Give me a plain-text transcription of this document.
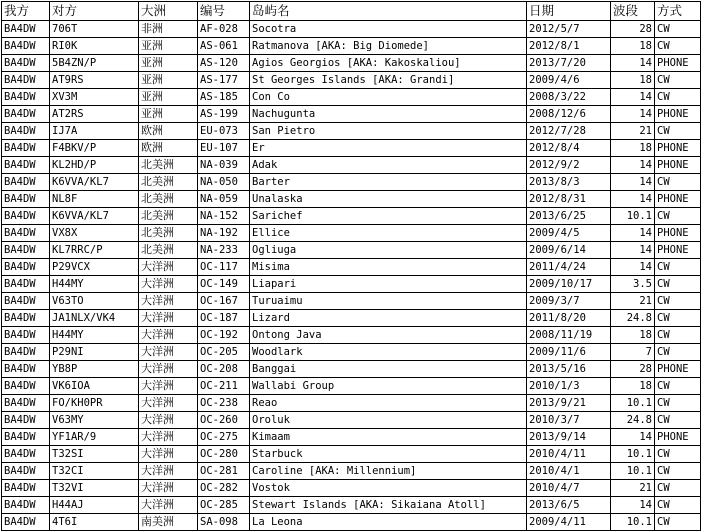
我方	对方	大洲	编号	岛屿名	日期	波段	方式
BA4DW	706T	非洲	AF-028	Socotra	2012/5/7	28	CW
BA4DW	RI0K	亚洲	AS-061	Ratmanova [AKA: Big Diomede]	2012/8/1	18	CW
BA4DW	5B4ZN/P	亚洲	AS-120	Agios Georgios [AKA: Kakoskaliou]	2013/7/20	14	PHONE
BA4DW	AT9RS	亚洲	AS-177	St Georges Islands [AKA: Grandi]	2009/4/6	18	CW
BA4DW	XV3M	亚洲	AS-185	Con Co	2008/3/22	14	CW
BA4DW	AT2RS	亚洲	AS-199	Nachugunta	2008/12/6	14	PHONE
BA4DW	IJ7A	欧洲	EU-073	San Pietro	2012/7/28	21	CW
BA4DW	F4BKV/P	欧洲	EU-107	Er	2012/8/4	18	PHONE
BA4DW	KL2HD/P	北美洲	NA-039	Adak	2012/9/2	14	PHONE
BA4DW	K6VVA/KL7	北美洲	NA-050	Barter	2013/8/3	14	CW
BA4DW	NL8F	北美洲	NA-059	Unalaska	2012/8/31	14	PHONE
BA4DW	K6VVA/KL7	北美洲	NA-152	Sarichef	2013/6/25	10.1	CW
BA4DW	VX8X	北美洲	NA-192	Ellice	2009/4/5	14	PHONE
BA4DW	KL7RRC/P	北美洲	NA-233	Ogliuga	2009/6/14	14	PHONE
BA4DW	P29VCX	大洋洲	OC-117	Misima	2011/4/24	14	CW
BA4DW	H44MY	大洋洲	OC-149	Liapari	2009/10/17	3.5	CW
BA4DW	V63TO	大洋洲	OC-167	Turuaimu	2009/3/7	21	CW
BA4DW	JA1NLX/VK4	大洋洲	OC-187	Lizard	2011/8/20	24.8	CW
BA4DW	H44MY	大洋洲	OC-192	Ontong Java	2008/11/19	18	CW
BA4DW	P29NI	大洋洲	OC-205	Woodlark	2009/11/6	7	CW
BA4DW	YB8P	大洋洲	OC-208	Banggai	2013/5/16	28	PHONE
BA4DW	VK6IOA	大洋洲	OC-211	Wallabi Group	2010/1/3	18	CW
BA4DW	FO/KH0PR	大洋洲	OC-238	Reao	2013/9/21	10.1	CW
BA4DW	V63MY	大洋洲	OC-260	Oroluk	2010/3/7	24.8	CW
BA4DW	YF1AR/9	大洋洲	OC-275	Kimaam	2013/9/14	14	PHONE
BA4DW	T32SI	大洋洲	OC-280	Starbuck	2010/4/11	10.1	CW
BA4DW	T32CI	大洋洲	OC-281	Caroline [AKA: Millennium]	2010/4/1	10.1	CW
BA4DW	T32VI	大洋洲	OC-282	Vostok	2010/4/7	21	CW
BA4DW	H44AJ	大洋洲	OC-285	Stewart Islands [AKA: Sikaiana Atoll]	2013/6/5	14	CW
BA4DW	4T6I	南美洲	SA-098	La Leona	2009/4/11	10.1	CW
